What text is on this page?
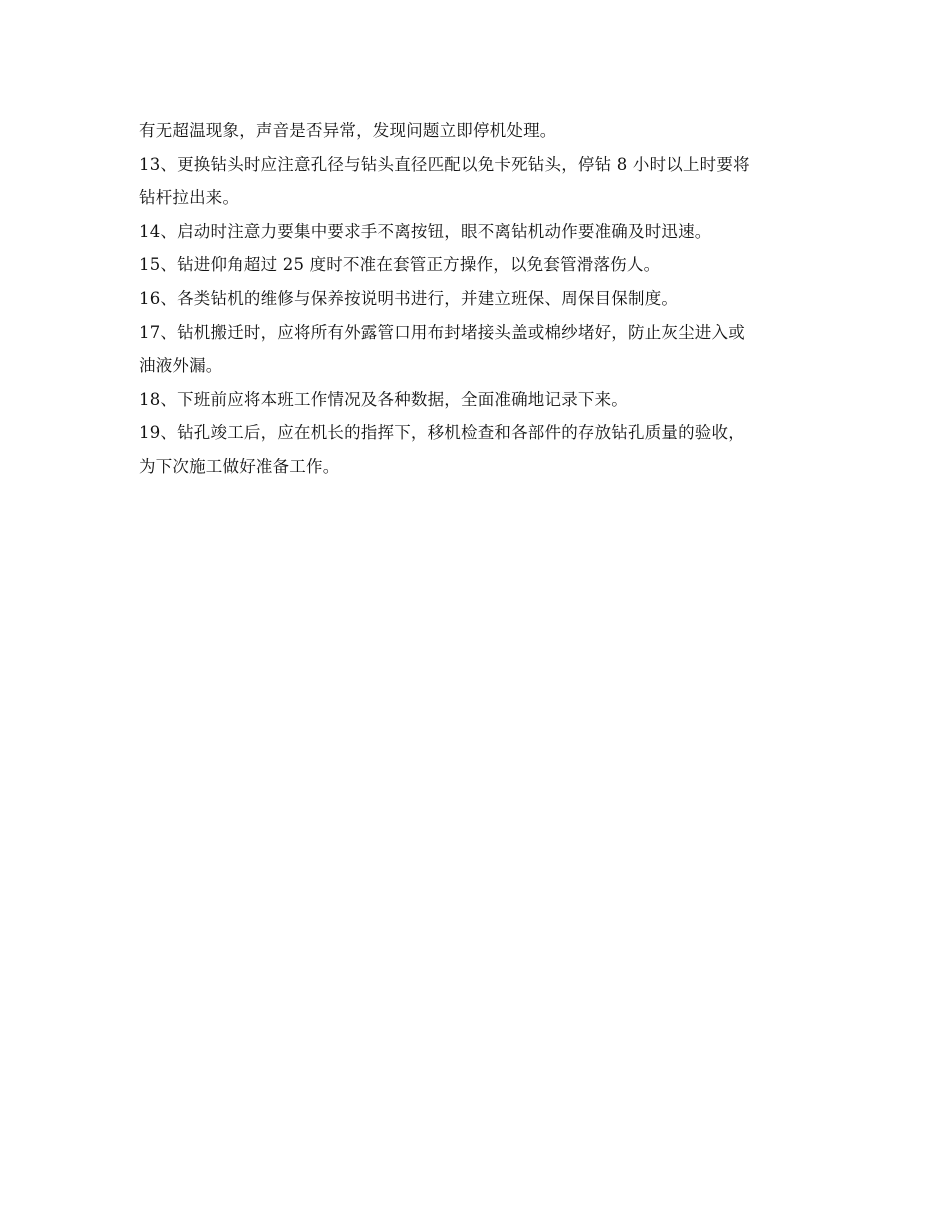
有无超温现象，声音是否异常，发现问题立即停机处理。
13、更换钻头时应注意孔径与钻头直径匹配以免卡死钻头，停钻 8 小时以上时要将
钻杆拉出来。
14、启动时注意力要集中要求手不离按钮，眼不离钻机动作要准确及时迅速。
15、钻进仰角超过 25 度时不准在套管正方操作，以免套管滑落伤人。
16、各类钻机的维修与保养按说明书进行，并建立班保、周保目保制度。
17、钻机搬迁时，应将所有外露管口用布封堵接头盖或棉纱堵好，防止灰尘进入或
油液外漏。
18、下班前应将本班工作情况及各种数据，全面准确地记录下来。
19、钻孔竣工后，应在机长的指挥下，移机检查和各部件的存放钻孔质量的验收，
为下次施工做好准备工作。
